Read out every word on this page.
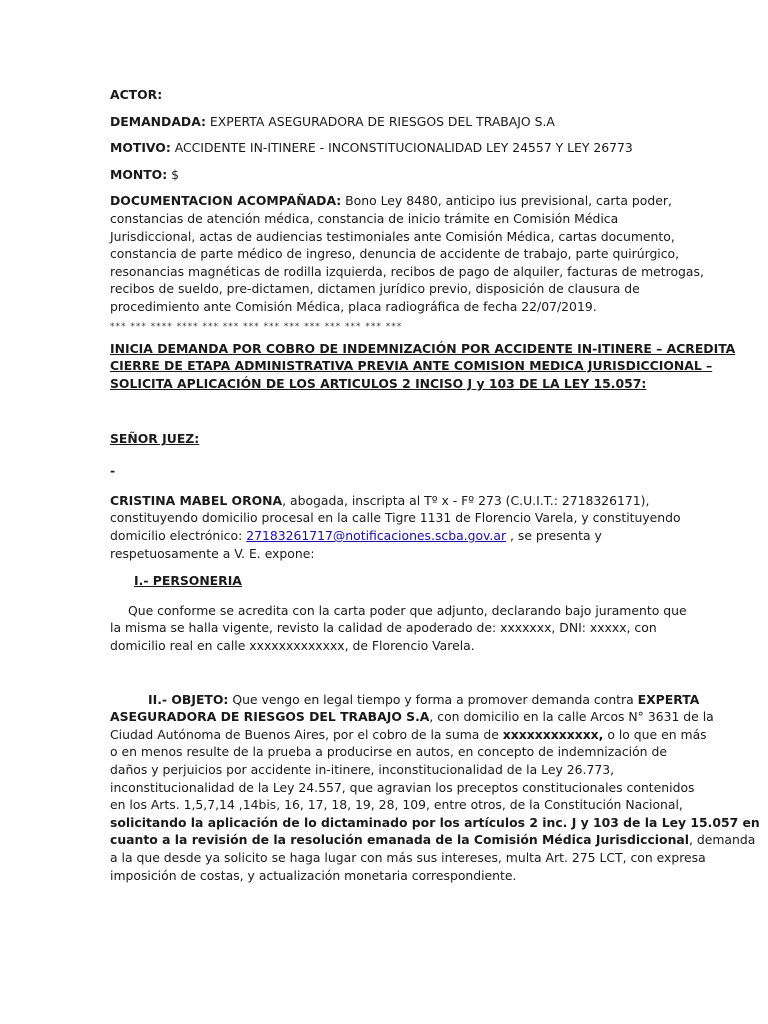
ACTOR:

DEMANDADA: EXPERTA ASEGURADORA DE RIESGOS DEL TRABAJO S.A

MOTIVO: ACCIDENTE IN-ITINERE - INCONSTITUCIONALIDAD LEY 24557 Y LEY 26773

MONTO: $

DOCUMENTACION ACOMPAÑADA: Bono Ley 8480, anticipo ius previsional, carta poder,

constancias de atención médica, constancia de inicio trámite en Comisión Médica

Jurisdiccional, actas de audiencias testimoniales ante Comisión Médica, cartas documento,

constancia de parte médico de ingreso, denuncia de accidente de trabajo, parte quirúrgico,

resonancias magnéticas de rodilla izquierda, recibos de pago de alquiler, facturas de metrogas,

recibos de sueldo, pre-dictamen, dictamen jurídico previo, disposición de clausura de

procedimiento ante Comisión Médica, placa radiográfica de fecha 22/07/2019.

*** *** **** **** *** *** *** *** *** *** *** *** *** ***

INICIA DEMANDA POR COBRO DE INDEMNIZACIÓN POR ACCIDENTE IN-ITINERE – ACREDITA

CIERRE DE ETAPA ADMINISTRATIVA PREVIA ANTE COMISION MEDICA JURISDICCIONAL –

SOLICITA APLICACIÓN DE LOS ARTICULOS 2 INCISO J y 103 DE LA LEY 15.057:

SEÑOR JUEZ:

-

CRISTINA MABEL ORONA, abogada, inscripta al Tº x - Fº 273 (C.U.I.T.: 2718326171),

constituyendo domicilio procesal en la calle Tigre 1131 de Florencio Varela, y constituyendo

domicilio electrónico: 27183261717@notificaciones.scba.gov.ar , se presenta y

respetuosamente a V. E. expone:

I.- PERSONERIA

Que conforme se acredita con la carta poder que adjunto, declarando bajo juramento que

la misma se halla vigente, revisto la calidad de apoderado de: xxxxxxx, DNI: xxxxx, con

domicilio real en calle xxxxxxxxxxxxx, de Florencio Varela.

II.- OBJETO: Que vengo en legal tiempo y forma a promover demanda contra EXPERTA

ASEGURADORA DE RIESGOS DEL TRABAJO S.A, con domicilio en la calle Arcos N° 3631 de la

Ciudad Autónoma de Buenos Aires, por el cobro de la suma de xxxxxxxxxxxx, o lo que en más

o en menos resulte de la prueba a producirse en autos, en concepto de indemnización de

daños y perjuicios por accidente in-itinere, inconstitucionalidad de la Ley 26.773,

inconstitucionalidad de la Ley 24.557, que agravian los preceptos constitucionales contenidos

en los Arts. 1,5,7,14 ,14bis, 16, 17, 18, 19, 28, 109, entre otros, de la Constitución Nacional,

solicitando la aplicación de lo dictaminado por los artículos 2 inc. J y 103 de la Ley 15.057 en

cuanto a la revisión de la resolución emanada de la Comisión Médica Jurisdiccional, demanda

a la que desde ya solicito se haga lugar con más sus intereses, multa Art. 275 LCT, con expresa

imposición de costas, y actualización monetaria correspondiente.
